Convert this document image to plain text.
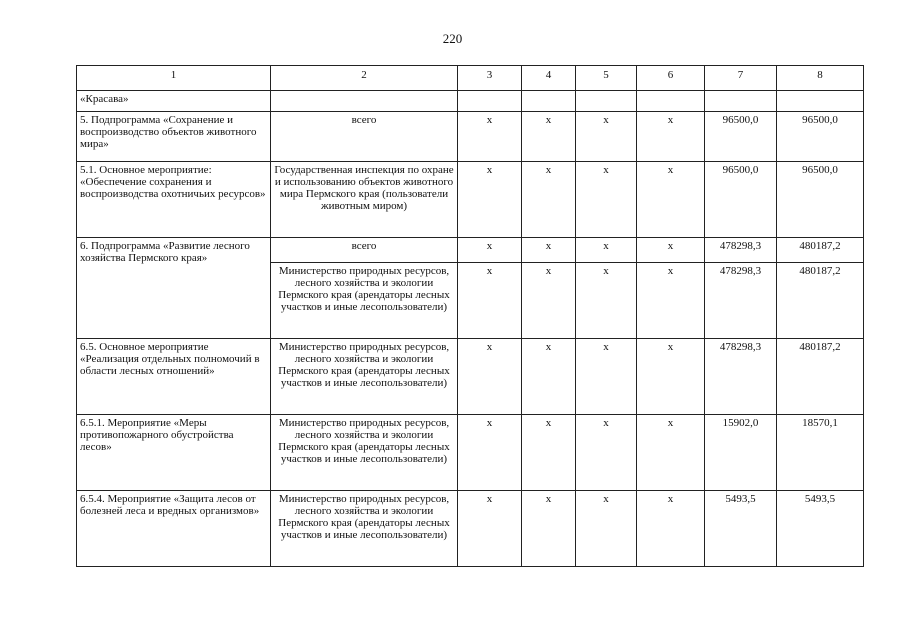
220
1	2	3	4	5	6	7	8
«Красава»							
5. Подпрограмма «Сохранение и воспроизводство объектов животного мира»	всего	х	х	х	х	96500,0	96500,0
5.1. Основное мероприятие: «Обеспечение сохранения и воспроизводства охотничьих ресурсов»	Государственная инспекция по охране и использованию объектов животного мира Пермского края (пользователи животным миром)	х	х	х	х	96500,0	96500,0
6. Подпрограмма «Развитие лесного хозяйства Пермского края»	всего	х	х	х	х	478298,3	480187,2
	Министерство природных ресурсов, лесного хозяйства и экологии Пермского края (арендаторы лесных участков и иные лесопользователи)	х	х	х	х	478298,3	480187,2
6.5. Основное мероприятие «Реализация отдельных полномочий в области лесных отношений»	Министерство природных ресурсов, лесного хозяйства и экологии Пермского края (арендаторы лесных участков и иные лесопользователи)	х	х	х	х	478298,3	480187,2
6.5.1. Мероприятие «Меры противопожарного обустройства лесов»	Министерство природных ресурсов, лесного хозяйства и экологии Пермского края (арендаторы лесных участков и иные лесопользователи)	х	х	х	х	15902,0	18570,1
6.5.4. Мероприятие «Защита лесов от болезней леса и вредных организмов»	Министерство природных ресурсов, лесного хозяйства и экологии Пермского края (арендаторы лесных участков и иные лесопользователи)	х	х	х	х	5493,5	5493,5
